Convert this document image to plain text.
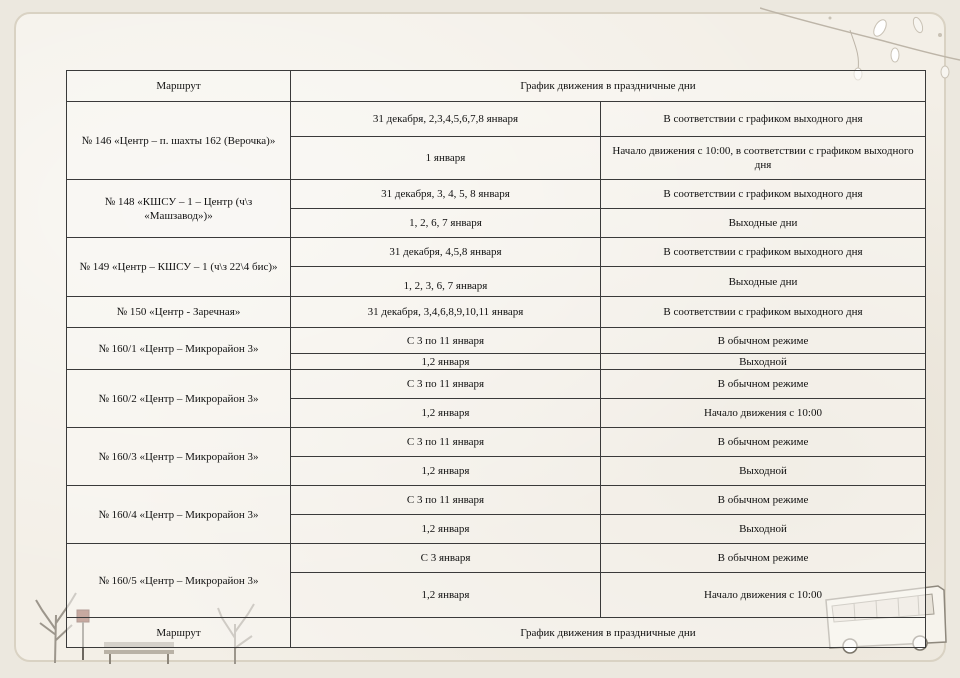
Маршрут	График движения в праздничные дни	
№ 146 «Центр – п. шахты 162 (Верочка)»	31 декабря, 2,3,4,5,6,7,8 января	В соответствии с графиком выходного дня
	1 января	Начало движения с 10:00, в соответствии с графиком выходного дня
№ 148 «КШСУ – 1 – Центр (ч\з «Машзавод»)»	31 декабря, 3, 4, 5, 8 января	В соответствии с графиком выходного дня
	1, 2, 6, 7 января	Выходные дни
№ 149 «Центр – КШСУ – 1 (ч\з 22\4 бис)»	31 декабря, 4,5,8 января	В соответствии с графиком выходного дня
	1, 2, 3, 6, 7 января	Выходные дни
№ 150 «Центр - Заречная»	31 декабря, 3,4,6,8,9,10,11 января	В соответствии с графиком выходного дня
№ 160/1 «Центр – Микрорайон 3»	С 3 по 11 января	В обычном режиме
	1,2 января	Выходной
№ 160/2 «Центр – Микрорайон 3»	С 3 по 11 января	В обычном режиме
	1,2 января	Начало движения с 10:00
№ 160/3 «Центр – Микрорайон 3»	С 3 по 11 января	В обычном режиме
	1,2 января	Выходной
№ 160/4 «Центр – Микрорайон 3»	С 3 по 11 января	В обычном режиме
	1,2 января	Выходной
№ 160/5 «Центр – Микрорайон 3»	С 3 января	В обычном режиме
	1,2 января	Начало движения с 10:00
Маршрут	График движения в праздничные дни	
